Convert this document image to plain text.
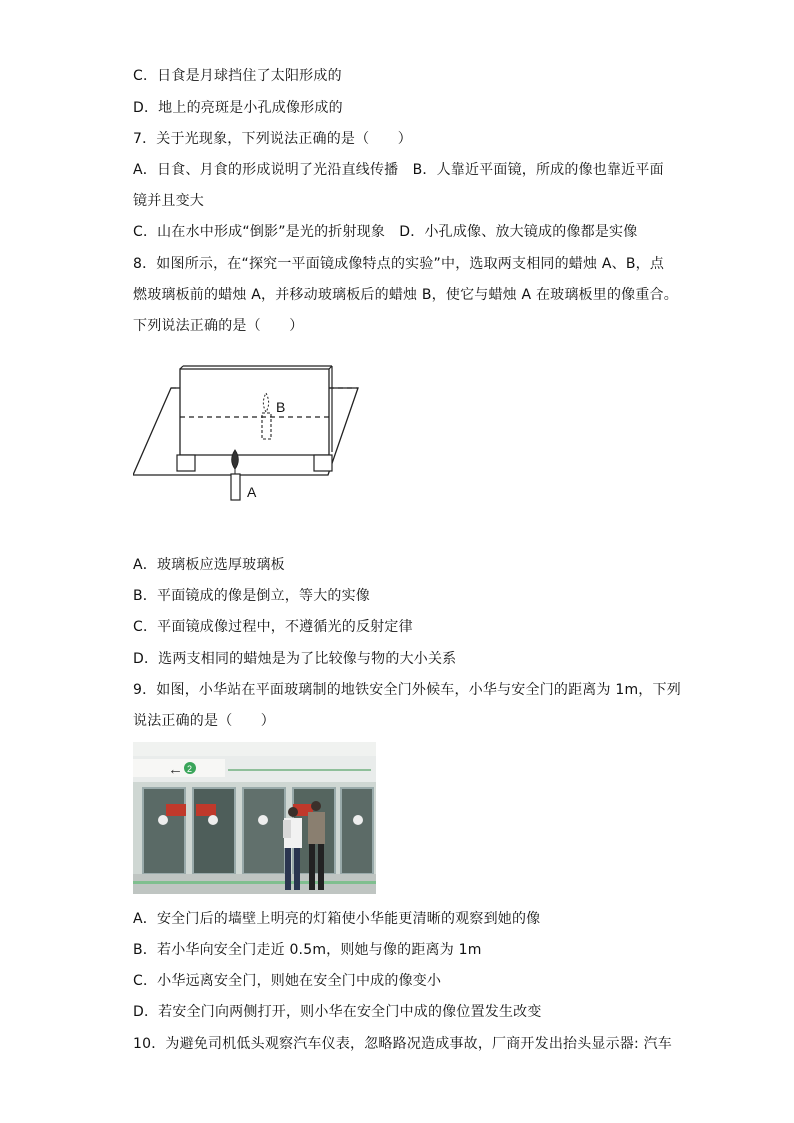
C．日食是月球挡住了太阳形成的
D．地上的亮斑是小孔成像形成的
7．关于光现象，下列说法正确的是（　　）
A．日食、月食的形成说明了光沿直线传播　B．人靠近平面镜，所成的像也靠近平面
镜并且变大
C．山在水中形成“倒影”是光的折射现象　D．小孔成像、放大镜成的像都是实像
8．如图所示，在“探究一平面镜成像特点的实验”中，选取两支相同的蜡烛 A、B，点
燃玻璃板前的蜡烛 A，并移动玻璃板后的蜡烛 B，使它与蜡烛 A 在玻璃板里的像重合。
下列说法正确的是（　　）
B
A
A．玻璃板应选厚玻璃板
B．平面镜成的像是倒立，等大的实像
C．平面镜成像过程中，不遵循光的反射定律
D．选两支相同的蜡烛是为了比较像与物的大小关系
9．如图，小华站在平面玻璃制的地铁安全门外候车，小华与安全门的距离为 1m，下列
说法正确的是（　　）
← 2
A．安全门后的墙壁上明亮的灯箱使小华能更清晰的观察到她的像
B．若小华向安全门走近 0.5m，则她与像的距离为 1m
C．小华远离安全门，则她在安全门中成的像变小
D．若安全门向两侧打开，则小华在安全门中成的像位置发生改变
10．为避免司机低头观察汽车仪表，忽略路况造成事故，厂商开发出抬头显示器: 汽车
